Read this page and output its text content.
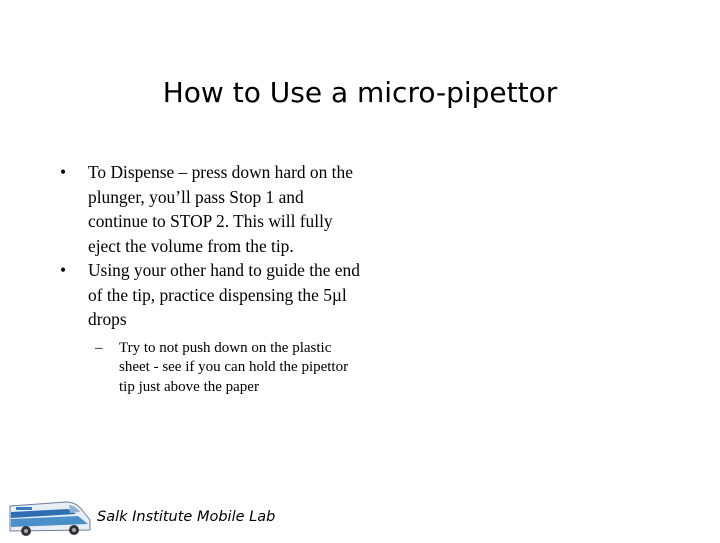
How to Use a micro-pipettor
•	To Dispense – press down hard on the plunger, you’ll pass Stop 1 and continue to STOP 2. This will fully eject the volume from the tip.
•	Using your other hand to guide the end of the tip, practice dispensing the 5µl drops
– Try to not push down on the plastic sheet - see if you can hold the pipettor tip just above the paper
Salk Institute Mobile Lab
